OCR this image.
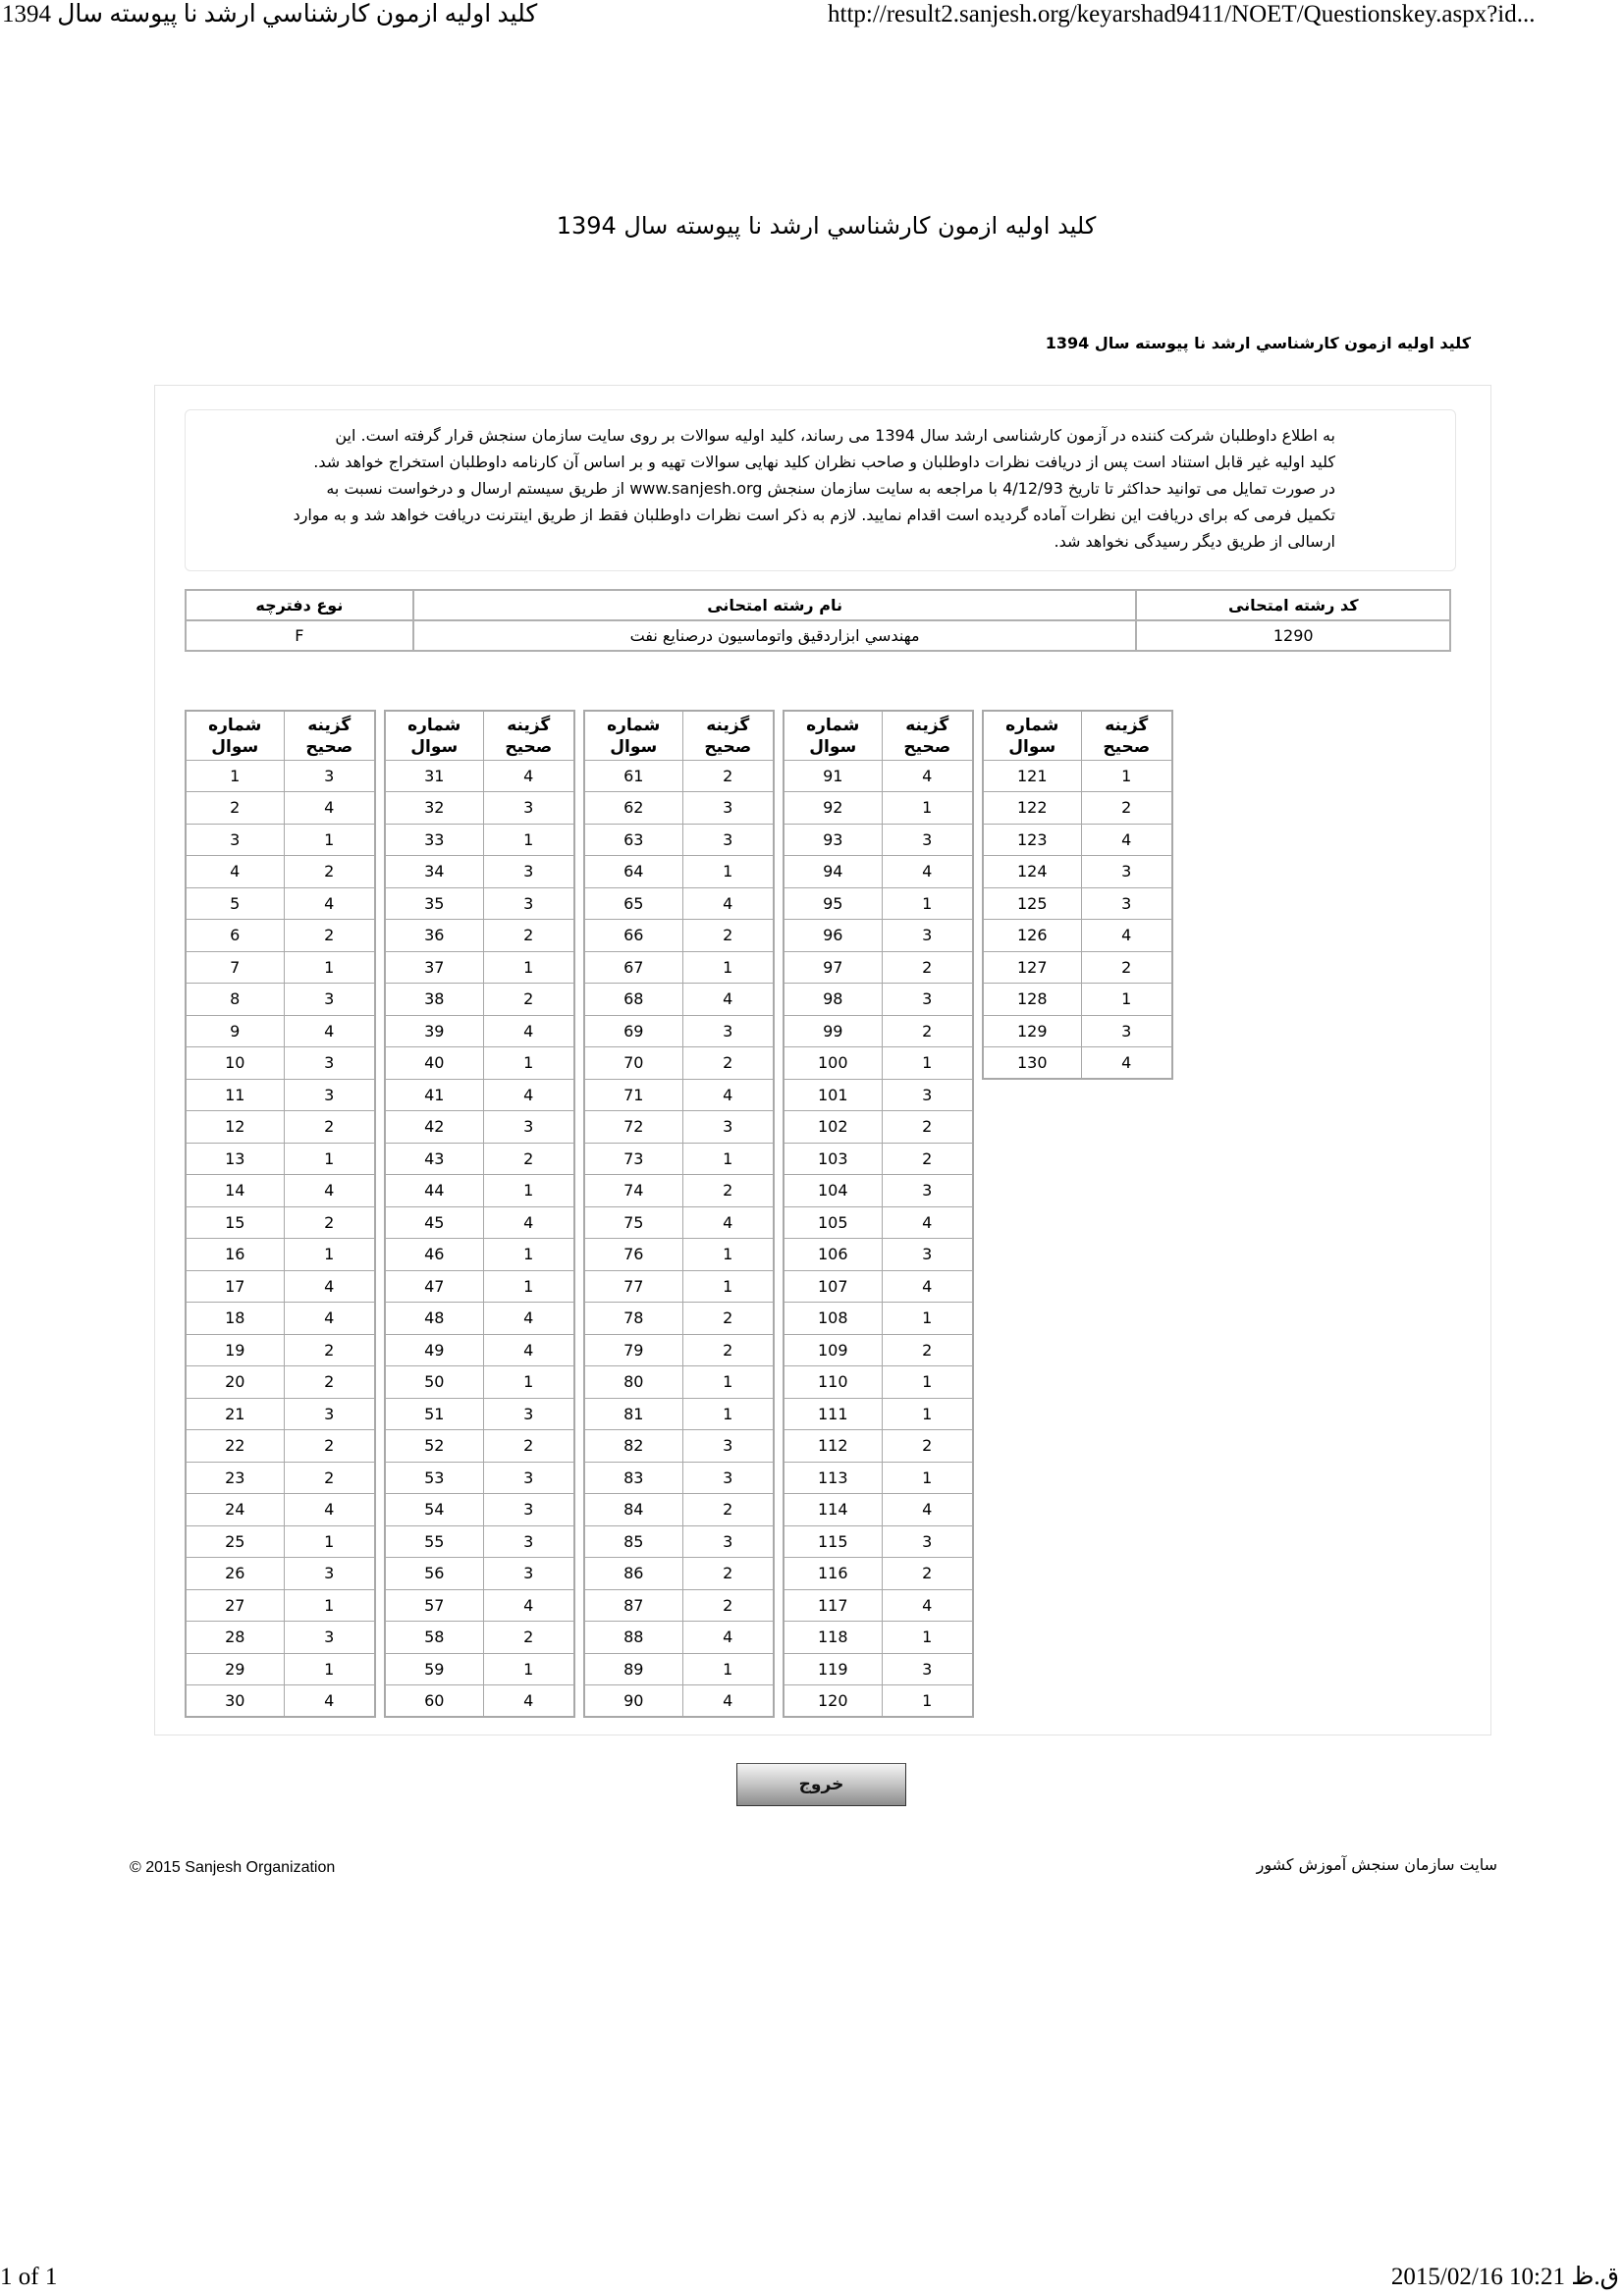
کلید اولیه ازمون کارشناسي ارشد نا پیوسته سال 1394	http://result2.sanjesh.org/keyarshad9411/NOET/Questionskey.aspx?id...
کلید اولیه ازمون کارشناسي ارشد نا پیوسته سال 1394
کلید اولیه ازمون کارشناسي ارشد نا پیوسته سال 1394
به اطلاع داوطلبان شرکت کننده در آزمون کارشناسی ارشد سال 1394 می رساند، کلید اولیه سوالات بر روی سایت سازمان سنجش قرار گرفته است. این
کلید اولیه غیر قابل استناد است پس از دریافت نظرات داوطلبان و صاحب نظران کلید نهایی سوالات تهیه و بر اساس آن کارنامه داوطلبان استخراج خواهد شد.
در صورت تمایل می توانید حداکثر تا تاریخ 4/12/93 با مراجعه به سایت سازمان سنجش www.sanjesh.org از طریق سیستم ارسال و درخواست نسبت به
تکمیل فرمی که برای دریافت این نظرات آماده گردیده است اقدام نمایید. لازم به ذکر است نظرات داوطلبان فقط از طریق اینترنت دریافت خواهد شد و به موارد
ارسالی از طریق دیگر رسیدگی نخواهد شد.
کد رشته امتحانی	نام رشته امتحانی	نوع دفترچه
1290	مهندسي ابزاردقیق واتوماسیون درصنایع نفت	F
شماره سوال	گزینه صحیح
1	3
2	4
3	1
4	2
5	4
6	2
7	1
8	3
9	4
10	3
11	3
12	2
13	1
14	4
15	2
16	1
17	4
18	4
19	2
20	2
21	3
22	2
23	2
24	4
25	1
26	3
27	1
28	3
29	1
30	4
شماره سوال	گزینه صحیح
31	4
32	3
33	1
34	3
35	3
36	2
37	1
38	2
39	4
40	1
41	4
42	3
43	2
44	1
45	4
46	1
47	1
48	4
49	4
50	1
51	3
52	2
53	3
54	3
55	3
56	3
57	4
58	2
59	1
60	4
شماره سوال	گزینه صحیح
61	2
62	3
63	3
64	1
65	4
66	2
67	1
68	4
69	3
70	2
71	4
72	3
73	1
74	2
75	4
76	1
77	1
78	2
79	2
80	1
81	1
82	3
83	3
84	2
85	3
86	2
87	2
88	4
89	1
90	4
شماره سوال	گزینه صحیح
91	4
92	1
93	3
94	4
95	1
96	3
97	2
98	3
99	2
100	1
101	3
102	2
103	2
104	3
105	4
106	3
107	4
108	1
109	2
110	1
111	1
112	2
113	1
114	4
115	3
116	2
117	4
118	1
119	3
120	1
شماره سوال	گزینه صحیح
121	1
122	2
123	4
124	3
125	3
126	4
127	2
128	1
129	3
130	4
خروج
© 2015 Sanjesh Organization	سایت سازمان سنجش آموزش کشور
1 of 1	2015/02/16 10:21 ق.ظ
